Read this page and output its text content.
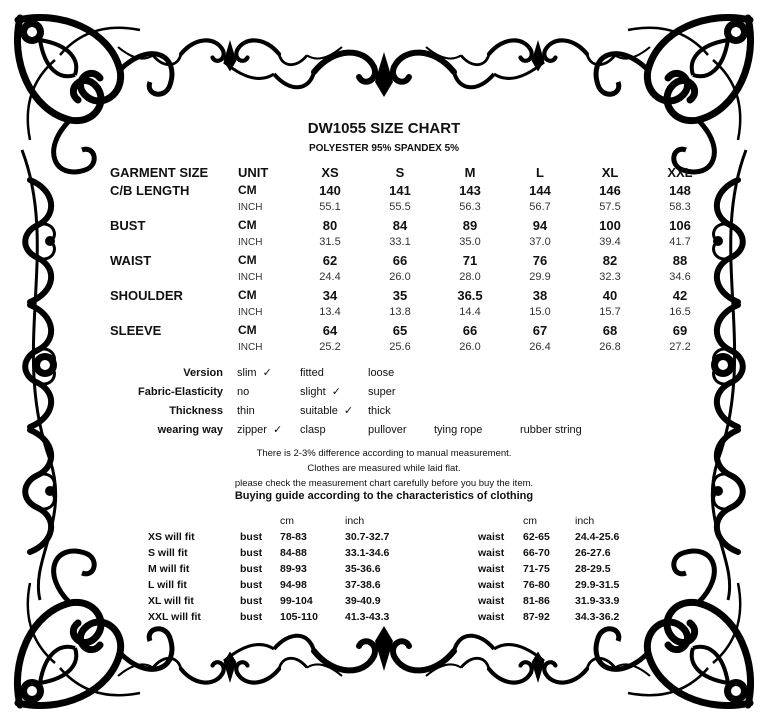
DW1055 SIZE CHART
POLYESTER 95% SPANDEX 5%
GARMENT SIZE	UNIT	XS	S	M	L	XL	XXL
C/B LENGTH	CM	140	141	143	144	146	148
	INCH	55.1	55.5	56.3	56.7	57.5	58.3
BUST	CM	80	84	89	94	100	106
	INCH	31.5	33.1	35.0	37.0	39.4	41.7
WAIST	CM	62	66	71	76	82	88
	INCH	24.4	26.0	28.0	29.9	32.3	34.6
SHOULDER	CM	34	35	36.5	38	40	42
	INCH	13.4	13.8	14.4	15.0	15.7	16.5
SLEEVE	CM	64	65	66	67	68	69
	INCH	25.2	25.6	26.0	26.4	26.8	27.2
Version	slim ✓	fitted	loose		
Fabric-Elasticity	no	slight ✓	super		
Thickness	thin	suitable ✓	thick		
wearing way	zipper ✓	clasp	pullover	tying rope	rubber string
There is 2-3% difference according to manual measurement.
Clothes are measured while laid flat.
please check the measurement chart carefully before you buy the item.
Buying guide according to the characteristics of clothing
		cm	inch
XS will fit	bust	78-83	30.7-32.7
S will fit	bust	84-88	33.1-34.6
M will fit	bust	89-93	35-36.6
L will fit	bust	94-98	37-38.6
XL will fit	bust	99-104	39-40.9
XXL will fit	bust	105-110	41.3-43.3
	cm	inch
waist	62-65	24.4-25.6
waist	66-70	26-27.6
waist	71-75	28-29.5
waist	76-80	29.9-31.5
waist	81-86	31.9-33.9
waist	87-92	34.3-36.2
